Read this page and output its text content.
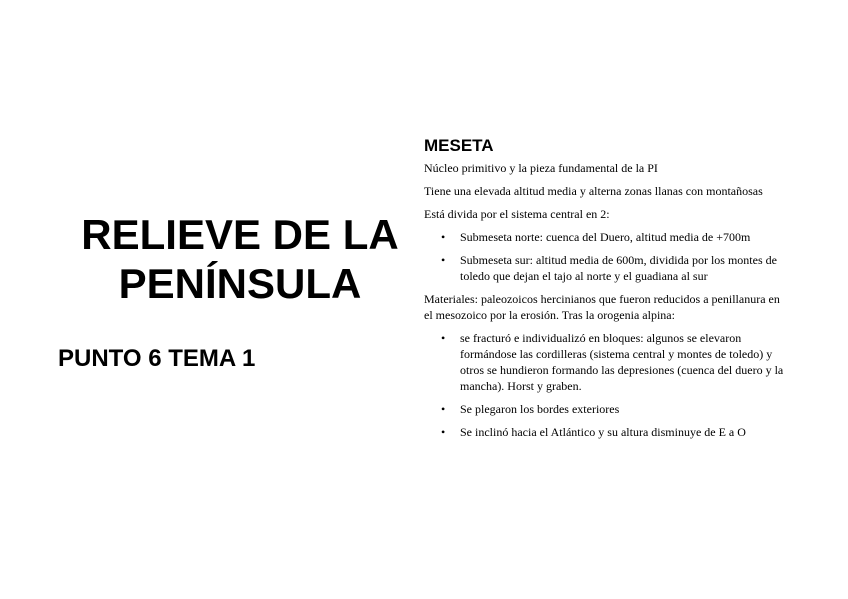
RELIEVE DE LA
PENÍNSULA
PUNTO 6 TEMA 1
MESETA

Núcleo primitivo y la pieza fundamental de la PI

Tiene una elevada altitud media y alterna zonas llanas con montañosas

Está divida por el sistema central en 2:

• Submeseta norte: cuenca del Duero, altitud media de +700m
• Submeseta sur: altitud media de 600m, dividida por los montes de toledo que dejan el tajo al norte y el guadiana al sur

Materiales: paleozoicos hercinianos que fueron reducidos a penillanura en el mesozoico por la erosión. Tras la orogenia alpina:

• se fracturó e individualizó en bloques: algunos se elevaron formándose las cordilleras (sistema central y montes de toledo) y otros se hundieron formando las depresiones (cuenca del duero y la mancha). Horst y graben.
• Se plegaron los bordes exteriores
• Se inclinó hacia el Atlántico y su altura disminuye de E a O
